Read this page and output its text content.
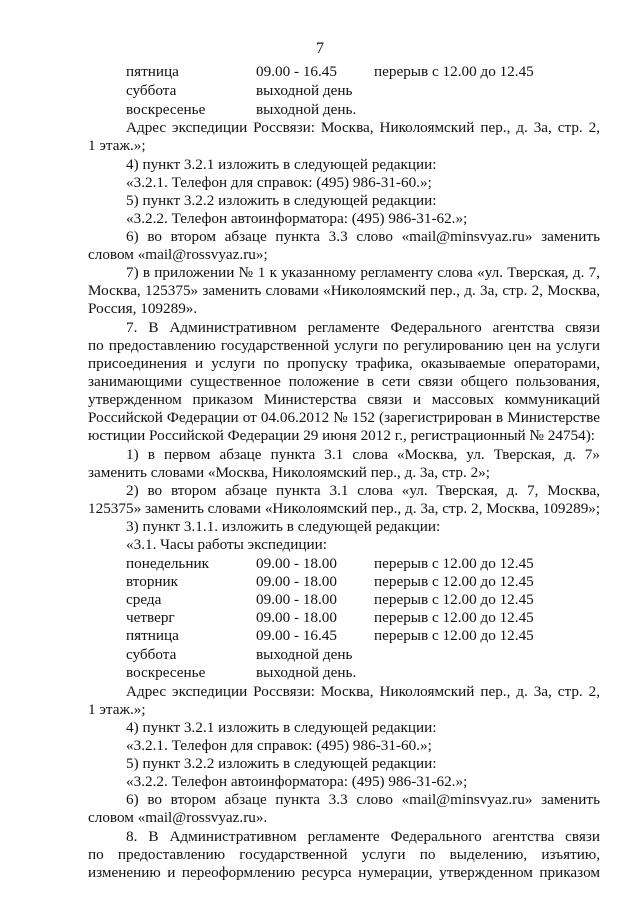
7
пятница	09.00 - 16.45 перерыв с 12.00 до 12.45
суббота	выходной день
воскресенье	выходной день.
Адрес экспедиции Россвязи: Москва, Николоямский пер., д. 3а, стр. 2,
1 этаж.»;
4) пункт 3.2.1 изложить в следующей редакции:
«3.2.1. Телефон для справок: (495) 986-31-60.»;
5) пункт 3.2.2 изложить в следующей редакции:
«3.2.2. Телефон автоинформатора: (495) 986-31-62.»;
6) во втором абзаце пункта 3.3 слово «mail@minsvyaz.ru» заменить
словом «mail@rossvyaz.ru»;
7) в приложении № 1 к указанному регламенту слова «ул. Тверская, д. 7,
Москва, 125375» заменить словами «Николоямский пер., д. 3а, стр. 2, Москва,
Россия, 109289».
7. В Административном регламенте Федерального агентства связи
по предоставлению государственной услуги по регулированию цен на услуги
присоединения и услуги по пропуску трафика, оказываемые операторами,
занимающими существенное положение в сети связи общего пользования,
утвержденном приказом Министерства связи и массовых коммуникаций
Российской Федерации от 04.06.2012 № 152 (зарегистрирован в Министерстве
юстиции Российской Федерации 29 июня 2012 г., регистрационный № 24754):
1) в первом абзаце пункта 3.1 слова «Москва, ул. Тверская, д. 7»
заменить словами «Москва, Николоямский пер., д. 3а, стр. 2»;
2) во втором абзаце пункта 3.1 слова «ул. Тверская, д. 7, Москва,
125375» заменить словами «Николоямский пер., д. 3а, стр. 2, Москва, 109289»;
3) пункт 3.1.1. изложить в следующей редакции:
«3.1. Часы работы экспедиции:
понедельник	09.00 - 18.00 перерыв с 12.00 до 12.45
вторник	09.00 - 18.00 перерыв с 12.00 до 12.45
среда	09.00 - 18.00 перерыв с 12.00 до 12.45
четверг	09.00 - 18.00 перерыв с 12.00 до 12.45
пятница	09.00 - 16.45 перерыв с 12.00 до 12.45
суббота	выходной день
воскресенье	выходной день.
Адрес экспедиции Россвязи: Москва, Николоямский пер., д. 3а, стр. 2,
1 этаж.»;
4) пункт 3.2.1 изложить в следующей редакции:
«3.2.1. Телефон для справок: (495) 986-31-60.»;
5) пункт 3.2.2 изложить в следующей редакции:
«3.2.2. Телефон автоинформатора: (495) 986-31-62.»;
6) во втором абзаце пункта 3.3 слово «mail@minsvyaz.ru» заменить
словом «mail@rossvyaz.ru».
8. В Административном регламенте Федерального агентства связи
по предоставлению государственной услуги по выделению, изъятию,
изменению и переоформлению ресурса нумерации, утвержденном приказом
